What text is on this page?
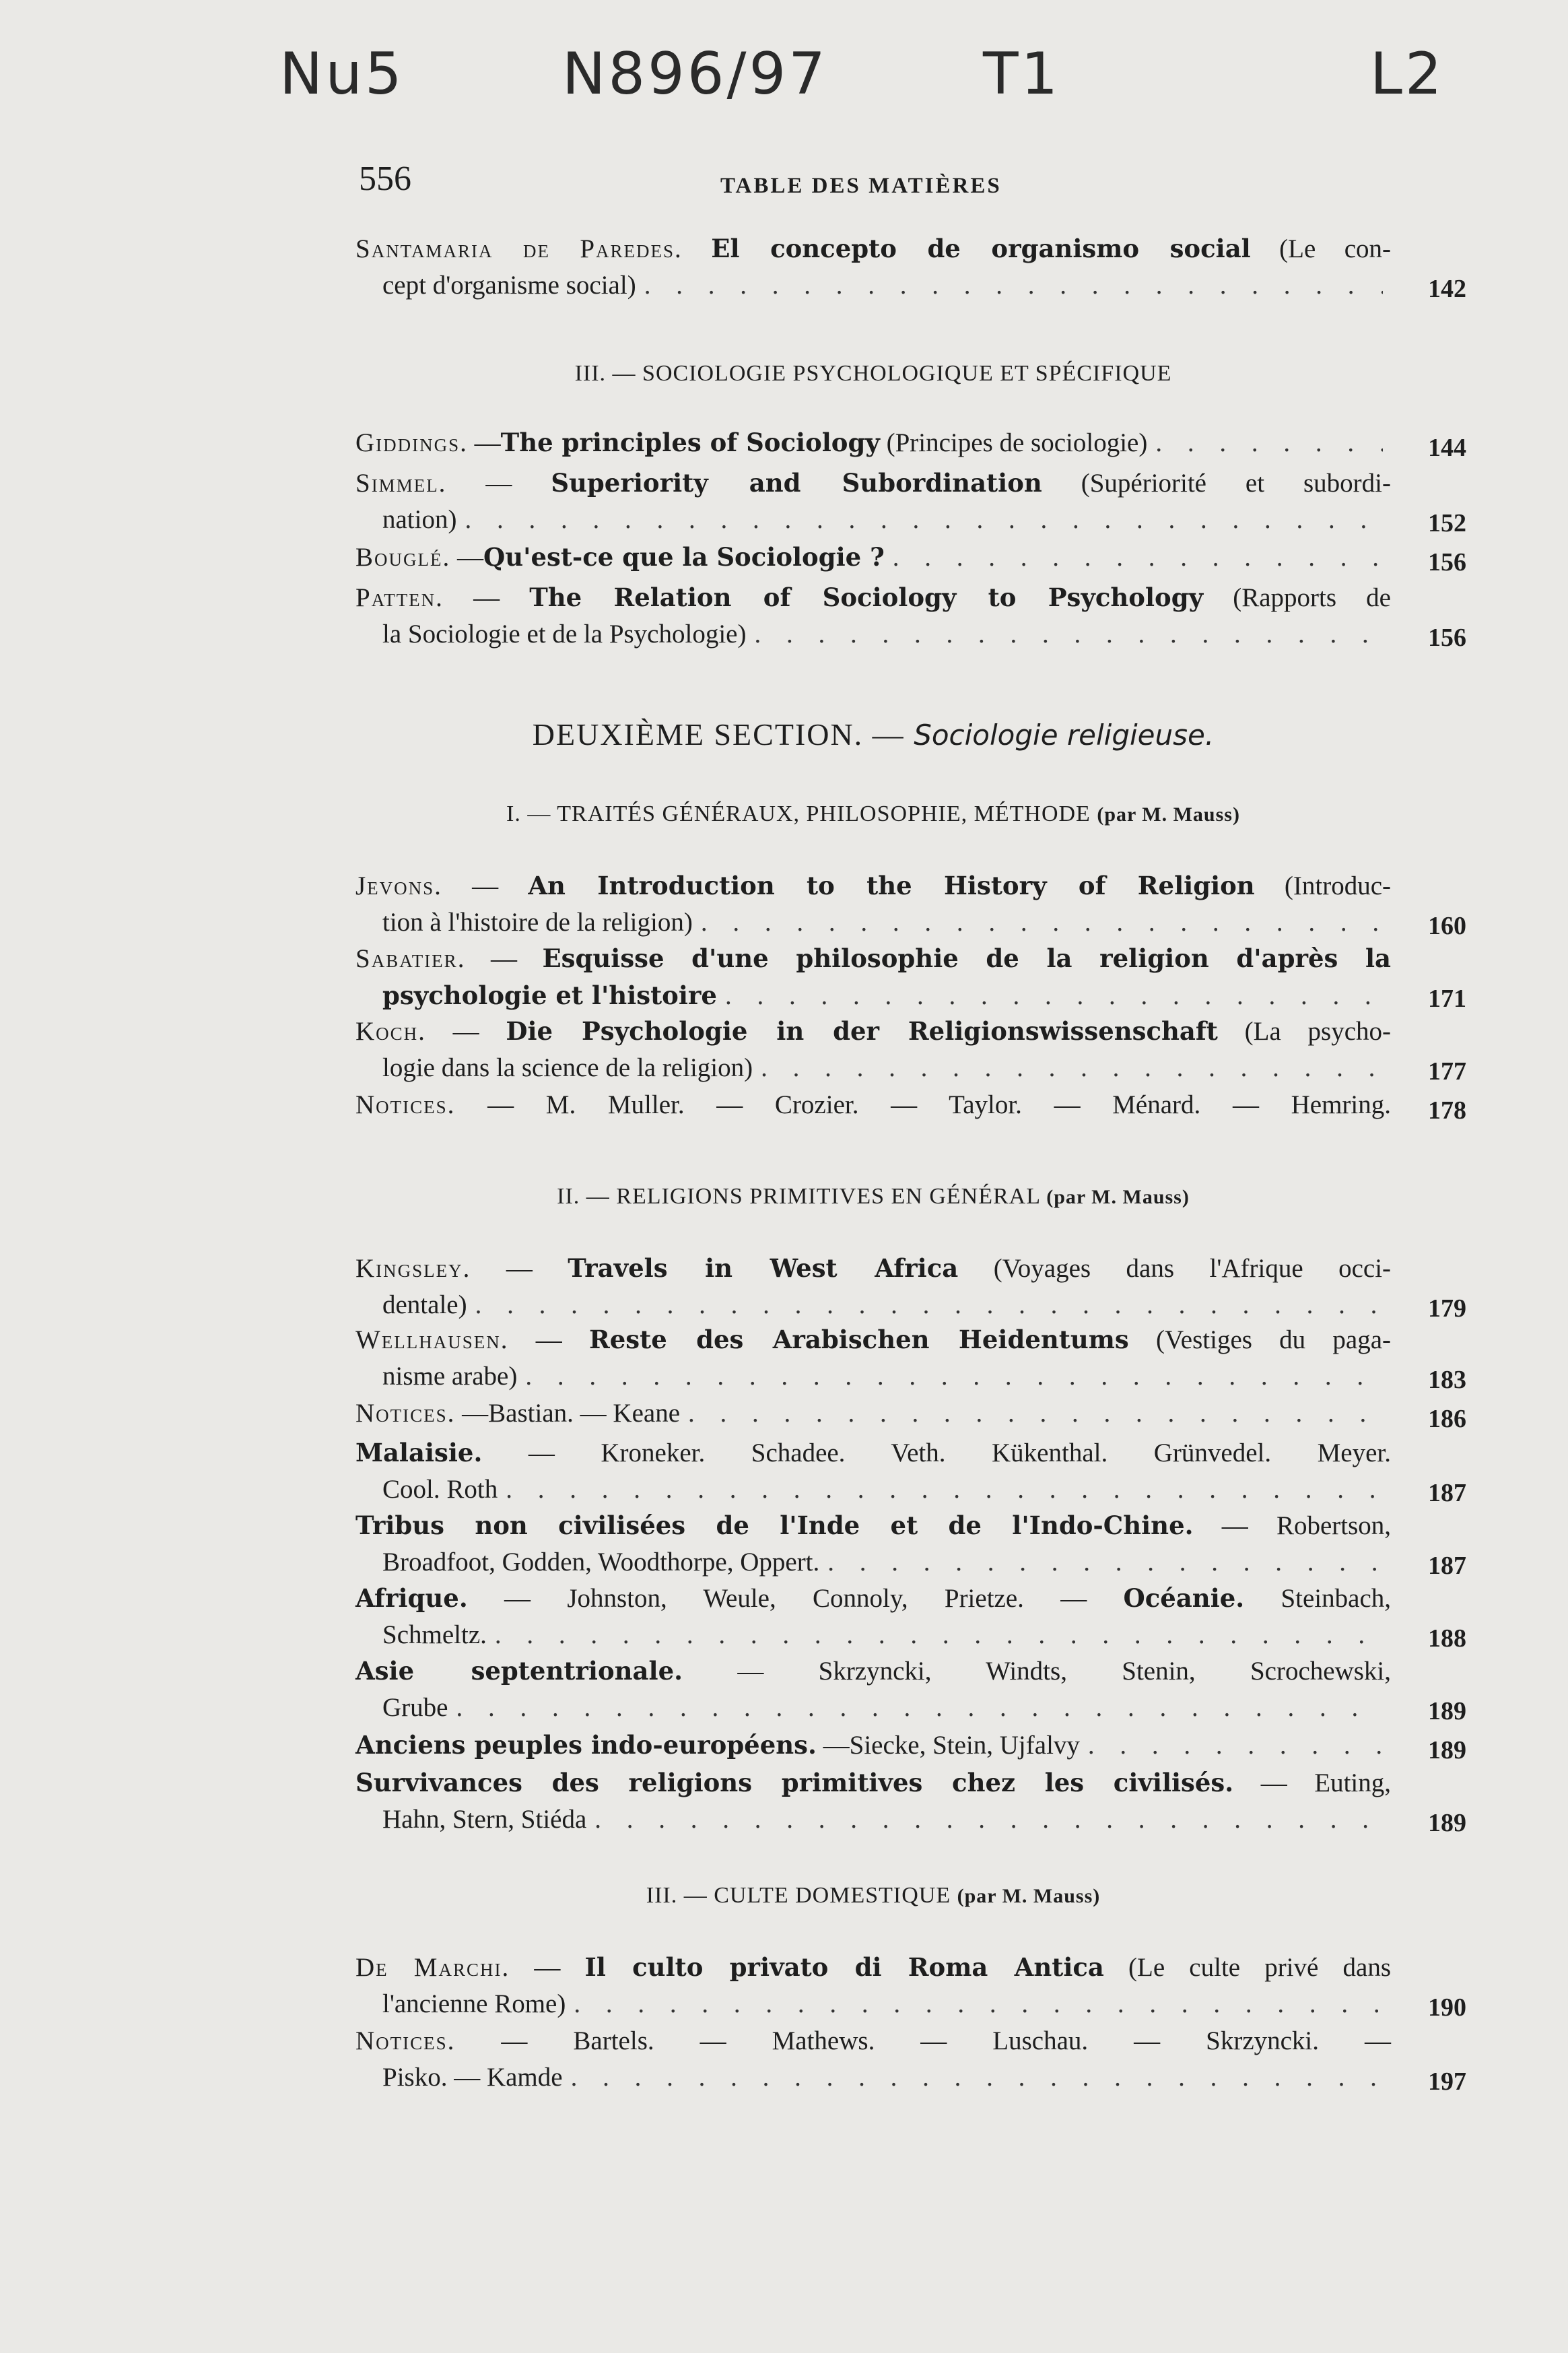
Nu5	N896/97	T1	L2
556	TABLE DES MATIÈRES
Santamaria de Paredes. El concepto de organismo social (Le con-
cept d'organisme social) . . .	142
III. — SOCIOLOGIE PSYCHOLOGIQUE ET SPÉCIFIQUE
Giddings. — The principles of Sociology
(Principes de sociologie) . . .	144
Simmel. — Superiority and Subordination (Supériorité et subordi-
nation) . . .	152
Bouglé. — Qu'est-ce que la Sociologie ? . . .	156
Patten. — The Relation of Sociology to Psychology (Rapports de
la Sociologie et de la Psychologie) . . .	156
DEUXIÈME SECTION. — Sociologie religieuse.
I. — TRAITÉS GÉNÉRAUX, PHILOSOPHIE, MÉTHODE (par M. Mauss)
Jevons. — An Introduction to the History of Religion (Introduc-
tion à l'histoire de la religion) . . .	160
Sabatier. — Esquisse d'une philosophie de la religion d'après la
psychologie et l'histoire . . .	171
Koch. — Die Psychologie in der Religionswissenschaft (La psycho-
logie dans la science de la religion) . . .	177
Notices. — M. Muller. — Crozier. — Taylor. — Ménard. — Hemring.	178
II. — RELIGIONS PRIMITIVES EN GÉNÉRAL (par M. Mauss)
Kingsley. — Travels in West Africa (Voyages dans l'Afrique occi-
dentale) . . .	179
Wellhausen. — Reste des Arabischen Heidentums (Vestiges du paga-
nisme arabe) . . .	183
Notices. — Bastian. — Keane . . .	186
Malaisie. — Kroneker. Schadee. Veth. Kükenthal. Grünvedel. Meyer.
Cool. Roth . . .	187
Tribus non civilisées de l'Inde et de l'Indo-Chine. — Robertson,
Broadfoot, Godden, Woodthorpe, Oppert. . . .	187
Afrique. — Johnston, Weule, Connoly, Prietze. — Océanie. Steinbach,
Schmeltz. . . .	188
Asie septentrionale. — Skrzyncki, Windts, Stenin, Scrochewski,
Grube . . .	189
Anciens peuples indo-européens. — Siecke, Stein, Ujfalvy . . .	189
Survivances des religions primitives chez les civilisés. — Euting,
Hahn, Stern, Stiéda . . .	189
III. — CULTE DOMESTIQUE (par M. Mauss)
De Marchi. — Il culto privato di Roma Antica (Le culte privé dans
l'ancienne Rome) . . .	190
Notices. — Bartels. — Mathews. — Luschau. — Skrzyncki. —
Pisko. — Kamde . . .	197
